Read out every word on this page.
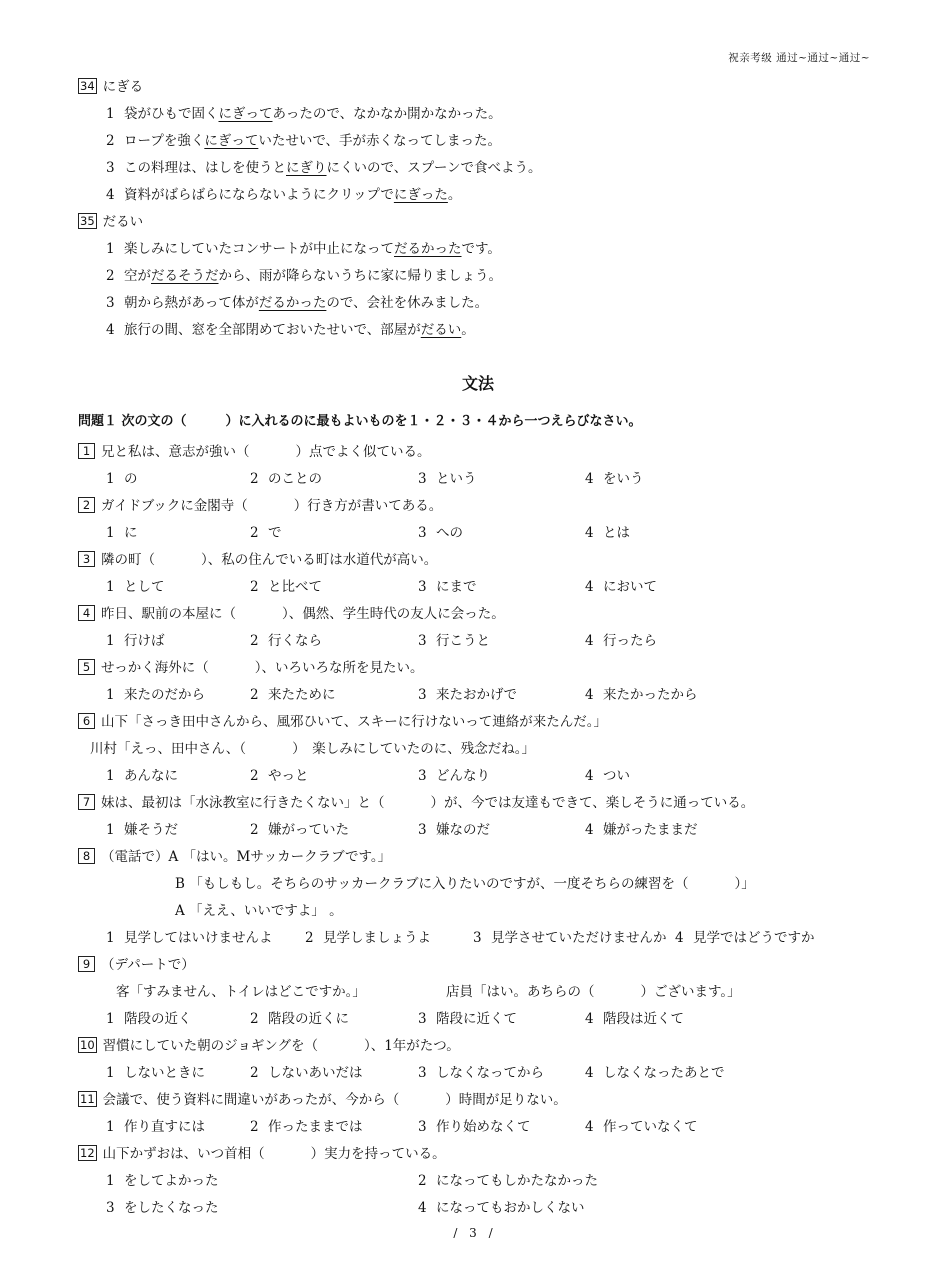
祝亲考级 通过~通过~通过~
34 にぎる
1 袋がひもで固くにぎってあったので、なかなか開かなかった。
2 ロープを強くにぎっていたせいで、手が赤くなってしまった。
3 この料理は、はしを使うとにぎりにくいので、スプーンで食べよう。
4 資料がばらばらにならないようにクリップでにぎった。
35 だるい
1 楽しみにしていたコンサートが中止になってだるかったです。
2 空がだるそうだから、雨が降らないうちに家に帰りましょう。
3 朝から熱があって体がだるかったので、会社を休みました。
4 旅行の間、窓を全部閉めておいたせいで、部屋がだるい。
文法
問題１ 次の文の（　　　）に入れるのに最もよいものを１・２・３・４から一つえらびなさい。
1 兄と私は、意志が強い（	）点でよく似ている。
1 の	2 のことの	3 という	4 をいう
2 ガイドブックに金閣寺（	）行き方が書いてある。
1 に	2 で	3 への	4 とは
3 隣の町（	）、私の住んでいる町は水道代が高い。
1 として	2 と比べて	3 にまで	4 において
4 昨日、駅前の本屋に（	）、偶然、学生時代の友人に会った。
1 行けば	2 行くなら	3 行こうと	4 行ったら
5 せっかく海外に（	）、いろいろな所を見たい。
1 来たのだから	2 来たために	3 来たおかげで	4 来たかったから
6 山下「さっき田中さんから、風邪ひいて、スキーに行けないって連絡が来たんだ。」
川村「えっ、田中さん、（	）　楽しみにしていたのに、残念だね。」
1 あんなに	2 やっと	3 どんなり	4 つい
7 妹は、最初は「水泳教室に行きたくない」と（	）が、今では友達もできて、楽しそうに通っている。
1 嫌そうだ	2 嫌がっていた	3 嫌なのだ	4 嫌がったままだ
8 （電話で）A 「はい。Mサッカークラブです。」
B 「もしもし。そちらのサッカークラブに入りたいのですが、一度そちらの練習を（	）」
A 「ええ、いいですよ」 。
1 見学してはいけませんよ 2 見学しましょうよ	3 見学させていただけませんか 4 見学ではどうですか
9 （デパートで）
客「すみません、トイレはどこですか。」	店員「はい。あちらの（	）ございます。」
1 階段の近く	2 階段の近くに	3 階段に近くて	4 階段は近くて
10 習慣にしていた朝のジョギングを（	）、1年がたつ。
1 しないときに	2 しないあいだは	3 しなくなってから	4 しなくなったあとで
11 会議で、使う資料に間違いがあったが、今から（	）時間が足りない。
1 作り直すには	2 作ったままでは	3 作り始めなくて	4 作っていなくて
12 山下かずおは、いつ首相（	）実力を持っている。
1 をしてよかった	2 になってもしかたなかった
3 をしたくなった	4 になってもおかしくない
/ 3 /
